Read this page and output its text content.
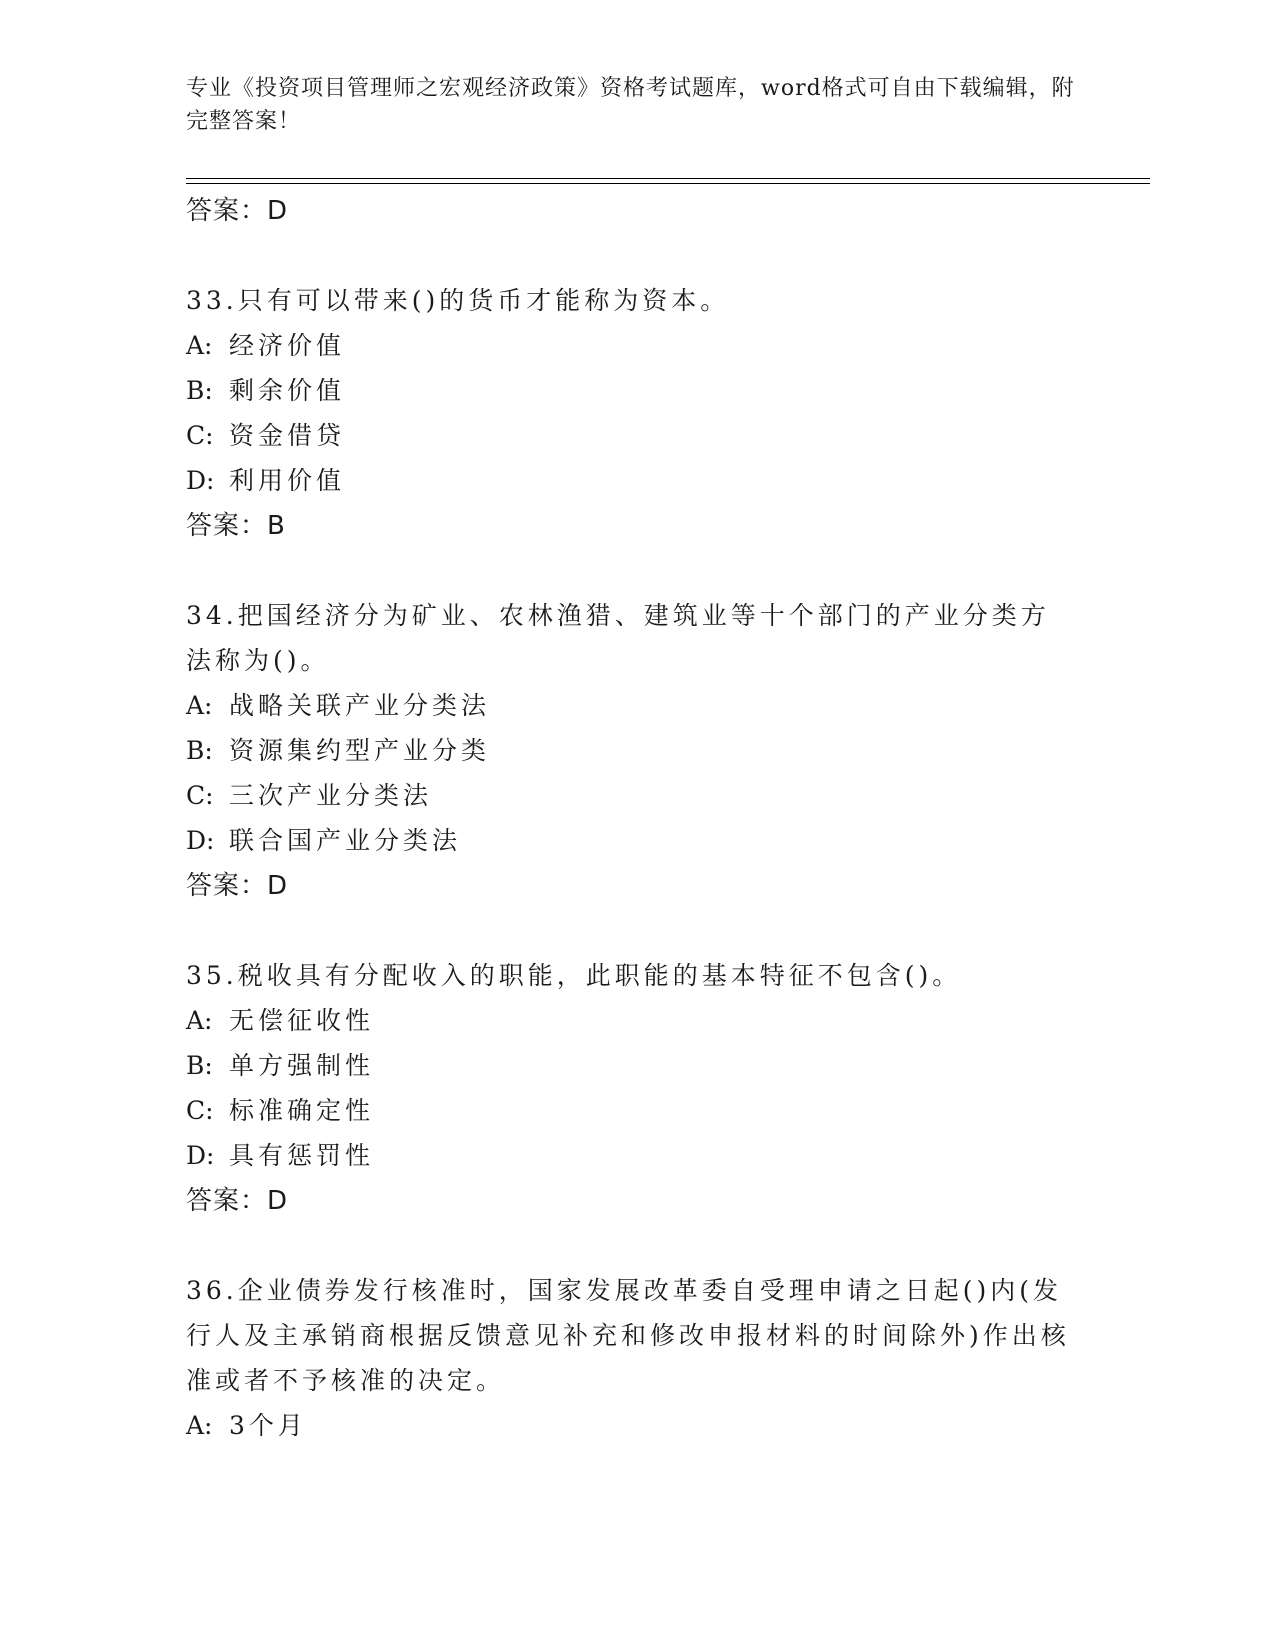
专业《投资项目管理师之宏观经济政策》资格考试题库，word格式可自由下载编辑，附完整答案！
答案：D
33.只有可以带来()的货币才能称为资本。
A: 经济价值
B: 剩余价值
C: 资金借贷
D: 利用价值
答案：B
34.把国经济分为矿业、农林渔猎、建筑业等十个部门的产业分类方法称为()。
A: 战略关联产业分类法
B: 资源集约型产业分类
C: 三次产业分类法
D: 联合国产业分类法
答案：D
35.税收具有分配收入的职能，此职能的基本特征不包含()。
A: 无偿征收性
B: 单方强制性
C: 标准确定性
D: 具有惩罚性
答案：D
36.企业债券发行核准时，国家发展改革委自受理申请之日起()内(发行人及主承销商根据反馈意见补充和修改申报材料的时间除外)作出核准或者不予核准的决定。
A: 3个月
